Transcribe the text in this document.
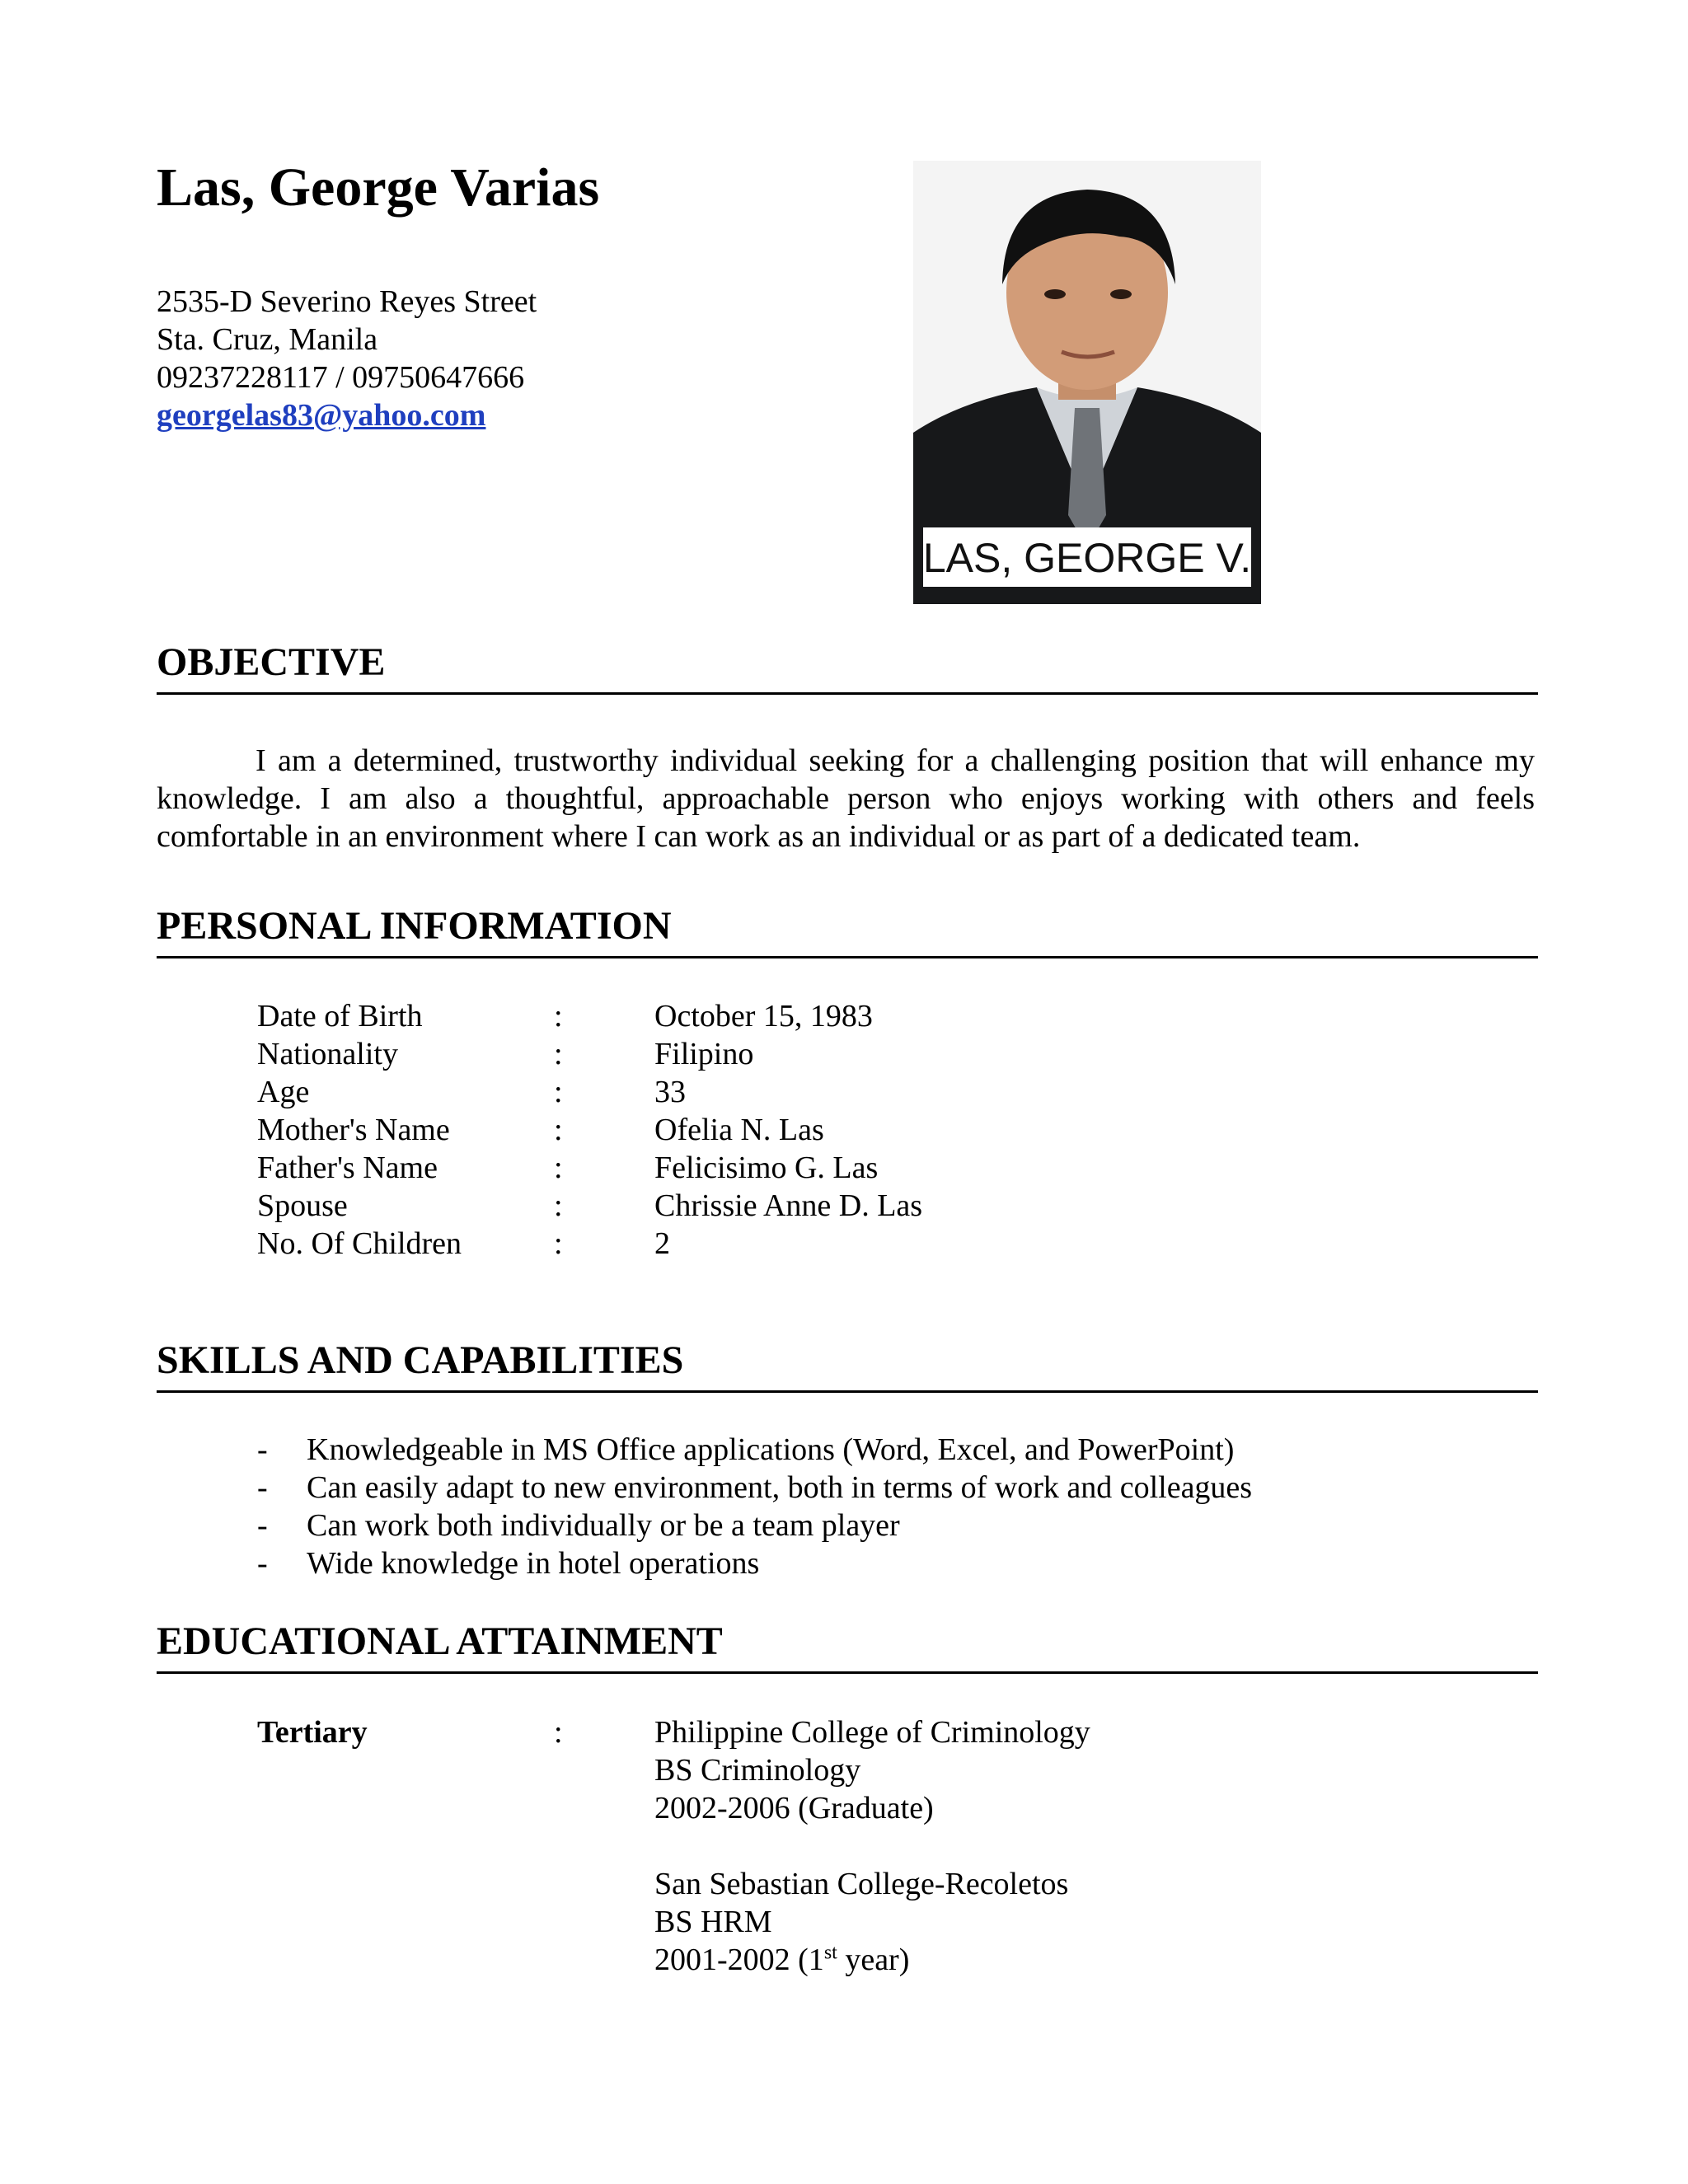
Las, George Varias
2535-D Severino Reyes Street
Sta. Cruz, Manila
09237228117 / 09750647666
georgelas83@yahoo.com
LAS, GEORGE V.
OBJECTIVE

I am a determined, trustworthy individual seeking for a challenging position that will enhance my knowledge. I am also a thoughtful, approachable person who enjoys working with others and feels comfortable in an environment where I can work as an individual or as part of a dedicated team.

PERSONAL INFORMATION
Date of Birth	:	October 15, 1983
Nationality	:	Filipino
Age	:	33
Mother's Name	:	Ofelia N. Las
Father's Name	:	Felicisimo G. Las
Spouse	:	Chrissie Anne D. Las
No. Of Children	:	2
SKILLS AND CAPABILITIES
- Knowledgeable in MS Office applications (Word, Excel, and PowerPoint)
- Can easily adapt to new environment, both in terms of work and colleagues
- Can work both individually or be a team player
- Wide knowledge in hotel operations
EDUCATIONAL ATTAINMENT
Tertiary	:	Philippine College of Criminology
BS Criminology
2002-2006 (Graduate)
San Sebastian College-Recoletos
BS HRM
2001-2002 (1st year)
